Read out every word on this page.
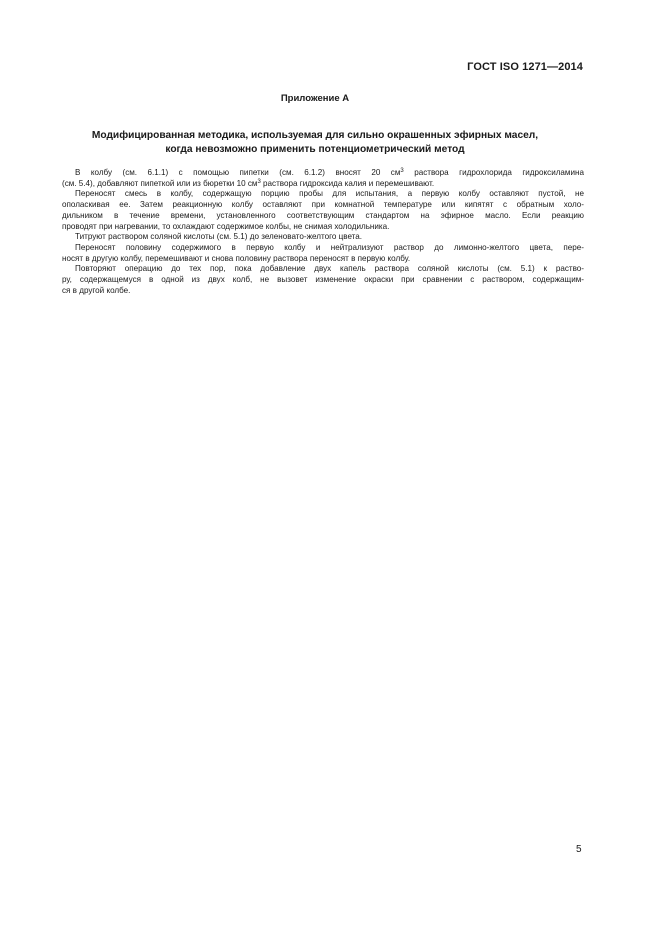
ГОСТ ISO 1271—2014
Приложение А
Модифицированная методика, используемая для сильно окрашенных эфирных масел,
когда невозможно применить потенциометрический метод
В колбу (см. 6.1.1) с помощью пипетки (см. 6.1.2) вносят 20 $см^3$ раствора гидрохлорида гидроксиламина
(см. 5.4), добавляют пипеткой или из бюретки 10 $см^3$ раствора гидроксида калия и перемешивают.
Переносят смесь в колбу, содержащую порцию пробы для испытания, а первую колбу оставляют пустой, не
ополаскивая ее. Затем реакционную колбу оставляют при комнатной температуре или кипятят с обратным холо-
дильником в течение времени, установленного соответствующим стандартом на эфирное масло. Если реакцию
проводят при нагревании, то охлаждают содержимое колбы, не снимая холодильника.
Титруют раствором соляной кислоты (см. 5.1) до зеленовато-желтого цвета.
Переносят половину содержимого в первую колбу и нейтрализуют раствор до лимонно-желтого цвета, пере-
носят в другую колбу, перемешивают и снова половину раствора переносят в первую колбу.
Повторяют операцию до тех пор, пока добавление двух капель раствора соляной кислоты (см. 5.1) к раство-
ру, содержащемуся в одной из двух колб, не вызовет изменение окраски при сравнении с раствором, содержащим-
ся в другой колбе.
5
